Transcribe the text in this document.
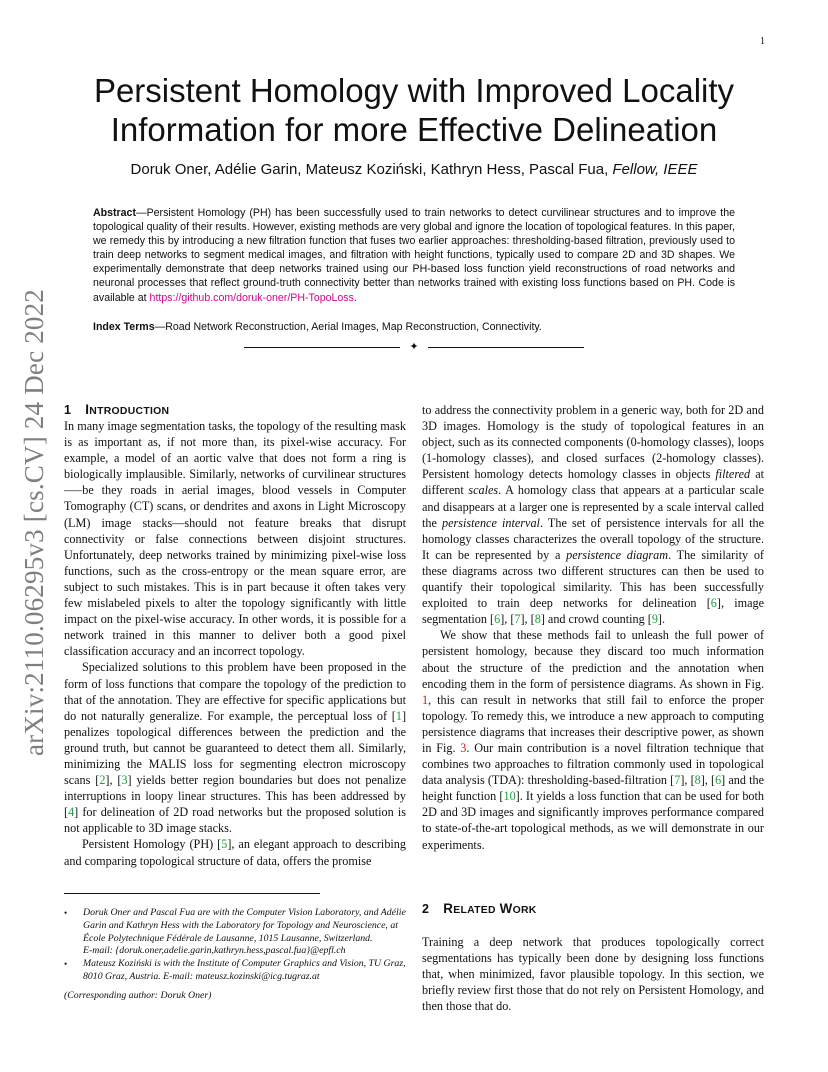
1
arXiv:2110.06295v3 [cs.CV] 24 Dec 2022
Persistent Homology with Improved Locality
Information for more Effective Delineation
Doruk Oner, Adélie Garin, Mateusz Koziński, Kathryn Hess, Pascal Fua, Fellow, IEEE
Abstract—Persistent Homology (PH) has been successfully used to train networks to detect curvilinear structures and to improve the topological quality of their results. However, existing methods are very global and ignore the location of topological features. In this paper, we remedy this by introducing a new filtration function that fuses two earlier approaches: thresholding-based filtration, previously used to train deep networks to segment medical images, and filtration with height functions, typically used to compare 2D and 3D shapes. We experimentally demonstrate that deep networks trained using our PH-based loss function yield reconstructions of road networks and neuronal processes that reflect ground-truth connectivity better than networks trained with existing loss functions based on PH. Code is available at https://github.com/doruk-oner/PH-TopoLoss.
Index Terms—Road Network Reconstruction, Aerial Images, Map Reconstruction, Connectivity.
✦
1 INTRODUCTION

In many image segmentation tasks, the topology of the resulting mask is as important as, if not more than, its pixel-wise accuracy. For example, a model of an aortic valve that does not form a ring is biologically implausible. Similarly, networks of curvilinear structures—–be they roads in aerial images, blood vessels in Computer Tomography (CT) scans, or dendrites and axons in Light Microscopy (LM) image stacks—should not feature breaks that disrupt connectivity or false connections between disjoint structures. Unfortunately, deep networks trained by minimizing pixel-wise loss functions, such as the cross-entropy or the mean square error, are subject to such mistakes. This is in part because it often takes very few mislabeled pixels to alter the topology significantly with little impact on the pixel-wise accuracy. In other words, it is possible for a network trained in this manner to deliver both a good pixel classification accuracy and an incorrect topology.

Specialized solutions to this problem have been proposed in the form of loss functions that compare the topology of the prediction to that of the annotation. They are effective for specific applications but do not naturally generalize. For example, the perceptual loss of [1] penalizes topological differences between the prediction and the ground truth, but cannot be guaranteed to detect them all. Similarly, minimizing the MALIS loss for segmenting electron microscopy scans [2], [3] yields better region boundaries but does not penalize interruptions in loopy linear structures. This has been addressed by [4] for delineation of 2D road networks but the proposed solution is not applicable to 3D image stacks.

Persistent Homology (PH) [5], an elegant approach to describing and comparing topological structure of data, offers the promise

to address the connectivity problem in a generic way, both for 2D and 3D images. Homology is the study of topological features in an object, such as its connected components (0-homology classes), loops (1-homology classes), and closed surfaces (2-homology classes). Persistent homology detects homology classes in objects filtered at different scales. A homology class that appears at a particular scale and disappears at a larger one is represented by a scale interval called the persistence interval. The set of persistence intervals for all the homology classes characterizes the overall topology of the structure. It can be represented by a persistence diagram. The similarity of these diagrams across two different structures can then be used to quantify their topological similarity. This has been successfully exploited to train deep networks for delineation [6], image segmentation [6], [7], [8] and crowd counting [9].

We show that these methods fail to unleash the full power of persistent homology, because they discard too much information about the structure of the prediction and the annotation when encoding them in the form of persistence diagrams. As shown in Fig. 1, this can result in networks that still fail to enforce the proper topology. To remedy this, we introduce a new approach to computing persistence diagrams that increases their descriptive power, as shown in Fig. 3. Our main contribution is a novel filtration technique that combines two approaches to filtration commonly used in topological data analysis (TDA): thresholding-based-filtration [7], [8], [6] and the height function [10]. It yields a loss function that can be used for both 2D and 3D images and significantly improves performance compared to state-of-the-art topological methods, as we will demonstrate in our experiments.

2 RELATED WORK

Training a deep network that produces topologically correct segmentations has typically been done by designing loss functions that, when minimized, favor plausible topology. In this section, we briefly review first those that do not rely on Persistent Homology, and then those that do.

•	Doruk Oner and Pascal Fua are with the Computer Vision Laboratory, and Adélie Garin and Kathryn Hess with the Laboratory for Topology and Neuroscience, at École Polytechnique Fédérale de Lausanne, 1015 Lausanne, Switzerland.
E-mail: {doruk.oner,adelie.garin,kathryn.hess,pascal.fua}@epfl.ch
•	Mateusz Koziński is with the Institute of Computer Graphics and Vision, TU Graz, 8010 Graz, Austria. E-mail: mateusz.kozinski@icg.tugraz.at
(Corresponding author: Doruk Oner)
